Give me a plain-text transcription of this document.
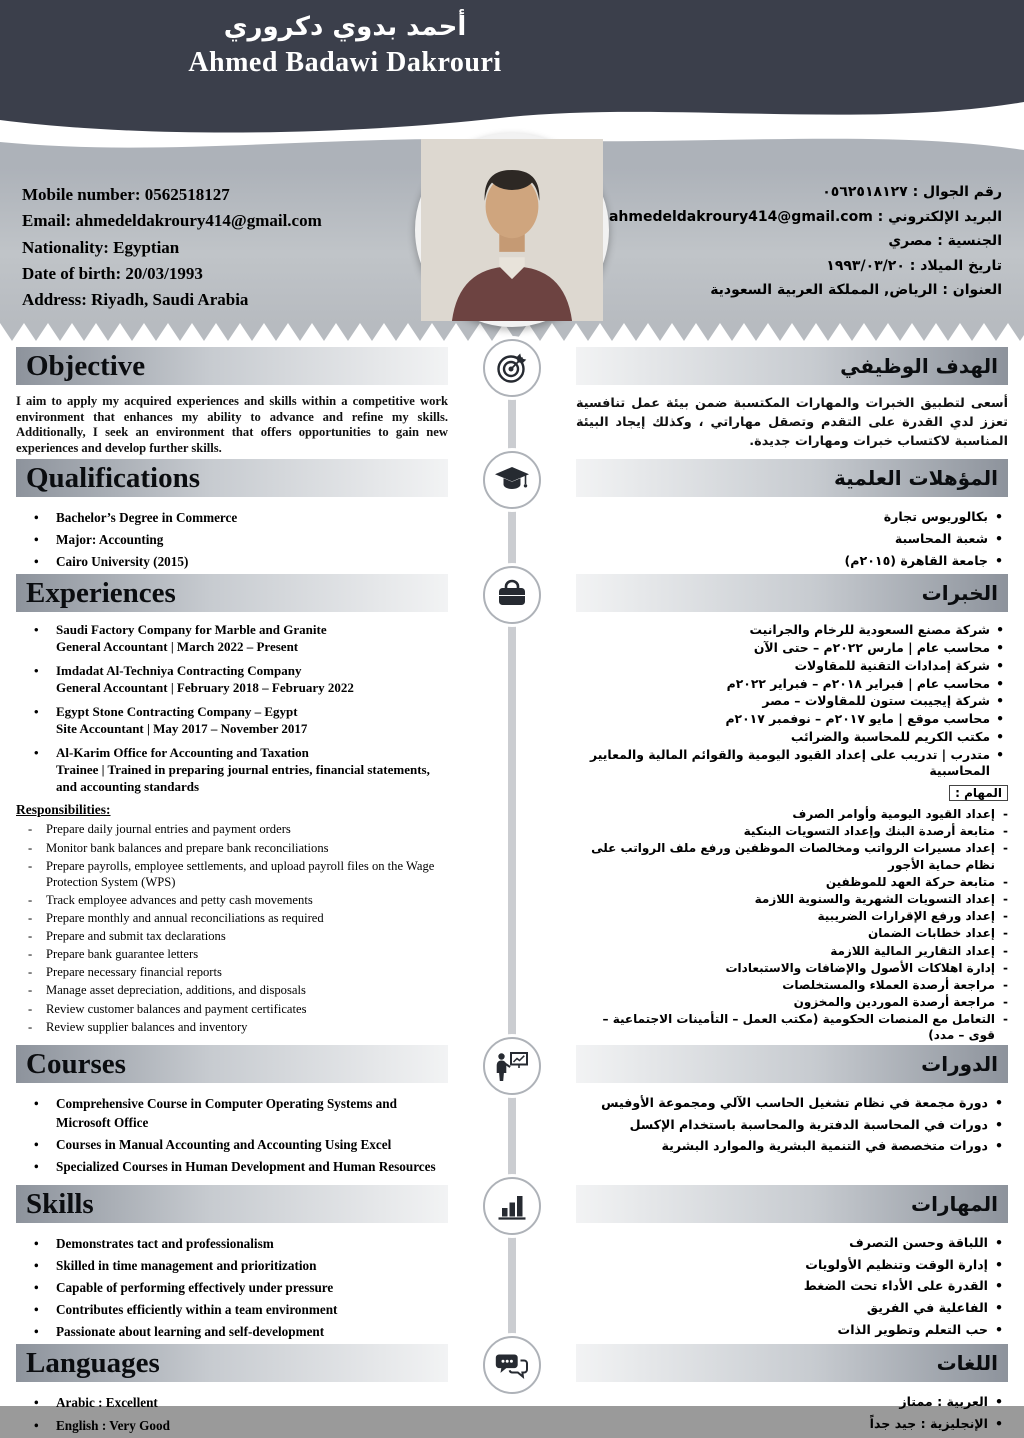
أحمد بدوي دكروري
Ahmed Badawi Dakrouri
Mobile number: 0562518127
Email: ahmedeldakroury414@gmail.com
Nationality: Egyptian
Date of birth: 20/03/1993
Address: Riyadh, Saudi Arabia
رقم الجوال : ٠٥٦٢٥١٨١٢٧
البريد الإلكتروني : ahmedeldakroury414@gmail.com
الجنسية : مصري
تاريخ الميلاد : ١٩٩٣/٠٣/٢٠
العنوان : الرياض, المملكة العربية السعودية
Objective

I aim to apply my acquired experiences and skills within a competitive work environment that enhances my ability to advance and refine my skills. Additionally, I seek an environment that offers opportunities to gain new experiences and develop further skills.

الهدف الوظيفي

أسعى لتطبيق الخبرات والمهارات المكتسبة ضمن بيئة عمل تنافسية تعزز لدي القدرة على التقدم وتصقل مهاراتي ، وكذلك إيجاد البيئة المناسبة لاكتساب خبرات ومهارات جديدة.

Qualifications
• Bachelor’s Degree in Commerce
• Major: Accounting
• Cairo University (2015)
المؤهلات العلمية
• بكالوريوس تجارة
• شعبة المحاسبة
• جامعة القاهرة (٢٠١٥م)
Experiences
• Saudi Factory Company for Marble and Granite
General Accountant | March 2022 – Present
• Imdadat Al-Techniya Contracting Company
General Accountant | February 2018 – February 2022
• Egypt Stone Contracting Company – Egypt
Site Accountant | May 2017 – November 2017
• Al-Karim Office for Accounting and Taxation
Trainee | Trained in preparing journal entries, financial statements, and accounting standards

Responsibilities:

- Prepare daily journal entries and payment orders
- Monitor bank balances and prepare bank reconciliations
- Prepare payrolls, employee settlements, and upload payroll files on the Wage Protection System (WPS)
- Track employee advances and petty cash movements
- Prepare monthly and annual reconciliations as required
- Prepare and submit tax declarations
- Prepare bank guarantee letters
- Prepare necessary financial reports
- Manage asset depreciation, additions, and disposals
- Review customer balances and payment certificates
- Review supplier balances and inventory
الخبرات
• شركة مصنع السعودية للرخام والجرانيت
• محاسب عام | مارس ٢٠٢٢م – حتى الآن
• شركة إمدادات التقنية للمقاولات
• محاسب عام | فبراير ٢٠١٨م – فبراير ٢٠٢٢م
• شركة إيجيبت ستون للمقاولات – مصر
• محاسب موقع | مايو ٢٠١٧م – نوفمبر ٢٠١٧م
• مكتب الكريم للمحاسبة والضرائب
• متدرب | تدريب على إعداد القيود اليومية والقوائم المالية والمعايير المحاسبية

المهام :

- إعداد القيود اليومية وأوامر الصرف
- متابعة أرصدة البنك وإعداد التسويات البنكية
- إعداد مسيرات الرواتب ومخالصات الموظفين ورفع ملف الرواتب على نظام حماية الأجور
- متابعة حركة العهد للموظفين
- إعداد التسويات الشهرية والسنوية اللازمة
- إعداد ورفع الإقرارات الضريبية
- إعداد خطابات الضمان
- إعداد التقارير المالية اللازمة
- إدارة اهلاكات الأصول والإضافات والاستبعادات
- مراجعة أرصدة العملاء والمستخلصات
- مراجعة أرصدة الموردين والمخزون
- التعامل مع المنصات الحكومية (مكتب العمل – التأمينات الاجتماعية – قوى – مدد)
Courses
• Comprehensive Course in Computer Operating Systems and Microsoft Office
• Courses in Manual Accounting and Accounting Using Excel
• Specialized Courses in Human Development and Human Resources
الدورات
• دورة مجمعة في نظام تشغيل الحاسب الآلي ومجموعة الأوفيس
• دورات في المحاسبة الدفترية والمحاسبة باستخدام الإكسل
• دورات متخصصة في التنمية البشرية والموارد البشرية
Skills
• Demonstrates tact and professionalism
• Skilled in time management and prioritization
• Capable of performing effectively under pressure
• Contributes efficiently within a team environment
• Passionate about learning and self-development
المهارات
• اللباقة وحسن التصرف
• إدارة الوقت وتنظيم الأولويات
• القدرة على الأداء تحت الضغط
• الفاعلية في الفريق
• حب التعلم وتطوير الذات
Languages
• Arabic : Excellent
• English : Very Good
اللغات
• العربية : ممتاز
• الإنجليزية : جيد جداً
